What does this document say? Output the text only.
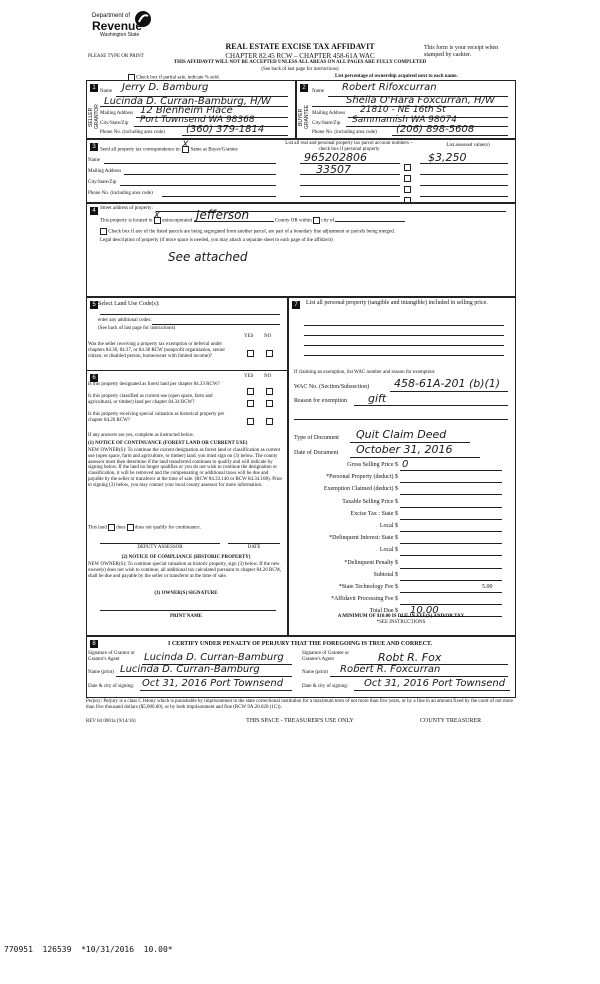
Department of
Revenue
Washington State
PLEASE TYPE OR PRINT
REAL ESTATE EXCISE TAX AFFIDAVIT
CHAPTER 82.45 RCW – CHAPTER 458-61A WAC
THIS AFFIDAVIT WILL NOT BE ACCEPTED UNLESS ALL AREAS ON ALL PAGES ARE FULLY COMPLETED
(See back of last page for instructions)
This form is your receipt when stamped by cashier.
Check box if partial sale, indicate % sold.	List percentage of ownership acquired next to each name.
1
SELLER GRANTOR
Name Jerry D. Bamburg
Lucinda D. Curran-Bamburg, H/W
Mailing Address 12 Blenheim Place
City/State/Zip Port Townsend WA 98368
Phone No. (including area code) (360) 379-1814
2
BUYER GRANTEE
Name Robert Rifoxcurran
Sheila O'Hara Foxcurran, H/W
Mailing Address 21810 - NE 16th St
City/State/Zip Sammamish WA 98074
Phone No. (including area code) (206) 898-5608
3
Send all property tax correspondence to:
X
Same as Buyer/Grantee
Name
Mailing Address
City/State/Zip
Phone No. (including area code)
List all real and personal property tax parcel account numbers – check box if personal property
List assessed value(s)
965202806	$3,250
33507
4 Street address of property:
This property is located in
X
unincorporated	County OR within city of
Jefferson
Check box if any of the listed parcels are being segregated from another parcel, are part of a boundary line adjustment or parcels being merged.
Legal description of property (if more space is needed, you may attach a separate sheet to each page of the affidavit)
See attached
5 Select Land Use Code(s):
enter any additional codes:
(See back of last page for instructions)
YES NO
Was the seller receiving a property tax exemption or deferral under chapters 84.36, 84.37, or 84.38 RCW (nonprofit organization, senior citizen, or disabled person, homeowner with limited income)?
6	YES NO
Is this property designated as forest land per chapter 84.33 RCW?
Is this property classified as current use (open space, farm and agricultural, or timber) land per chapter 84.34 RCW?
Is this property receiving special valuation as historical property per chapter 84.26 RCW?
If any answers are yes, complete as instructed below.
(1) NOTICE OF CONTINUANCE (FOREST LAND OR CURRENT USE)
NEW OWNER(S): To continue the current designation as forest land or classification as current use (open space, farm and agriculture, or timber) land, you must sign on (3) below. The county assessor must then determine if the land transferred continues to qualify and will indicate by signing below. If the land no longer qualifies or you do not wish to continue the designation or classification, it will be removed and the compensating or additional taxes will be due and payable by the seller or transferor at the time of sale. (RCW 84.33.140 or RCW 84.34.108). Prior to signing (3) below, you may contact your local county assessor for more information.
This land does does not qualify for continuance.
DEPUTY ASSESSOR	DATE
(2) NOTICE OF COMPLIANCE (HISTORIC PROPERTY)
NEW OWNER(S): To continue special valuation as historic property, sign (3) below. If the new owner(s) does not wish to continue, all additional tax calculated pursuant to chapter 84.26 RCW, shall be due and payable by the seller or transferor at the time of sale.
(3) OWNER(S) SIGNATURE
PRINT NAME
7	List all personal property (tangible and intangible) included in selling price.
If claiming an exemption, list WAC number and reason for exemption:
WAC No. (Section/Subsection) 458-61A-201 (b)(1)
Reason for exemption gift
Type of Document Quit Claim Deed
Date of Document October 31, 2016
Gross Selling Price $ 0
*Personal Property (deduct) $
Exemption Claimed (deduct) $
Taxable Selling Price $
Excise Tax : State $
Local $
*Delinquent Interest: State $
Local $
*Delinquent Penalty $
Subtotal $
*State Technology Fee $	5.00
*Affidavit Processing Fee $
Total Due $ 10.00
A MINIMUM OF $10.00 IS DUE IN FEE(S) AND/OR TAX
*SEE INSTRUCTIONS
8	I CERTIFY UNDER PENALTY OF PERJURY THAT THE FOREGOING IS TRUE AND CORRECT.
Signature of Grantor or Grantor's Agent	Lucinda D. Curran-Bamburg
Name (print) Lucinda D. Curran-Bamburg
Date & city of signing: Oct 31, 2016 Port Townsend
Signature of Grantee or Grantee's Agent	Robt R. Fox
Name (print) Robert R. Foxcurran
Date & city of signing: Oct 31, 2016 Port Townsend
Perjury: Perjury is a class C felony which is punishable by imprisonment in the state correctional institution for a maximum term of not more than five years, or by a fine in an amount fixed by the court of not more than five thousand dollars ($5,000.00), or by both imprisonment and fine (RCW 9A.20.020 (1C)).
REV 84 0001a (9/14/16)	THIS SPACE - TREASURER'S USE ONLY	COUNTY TREASURER
770951  126539  *10/31/2016  10.00*
